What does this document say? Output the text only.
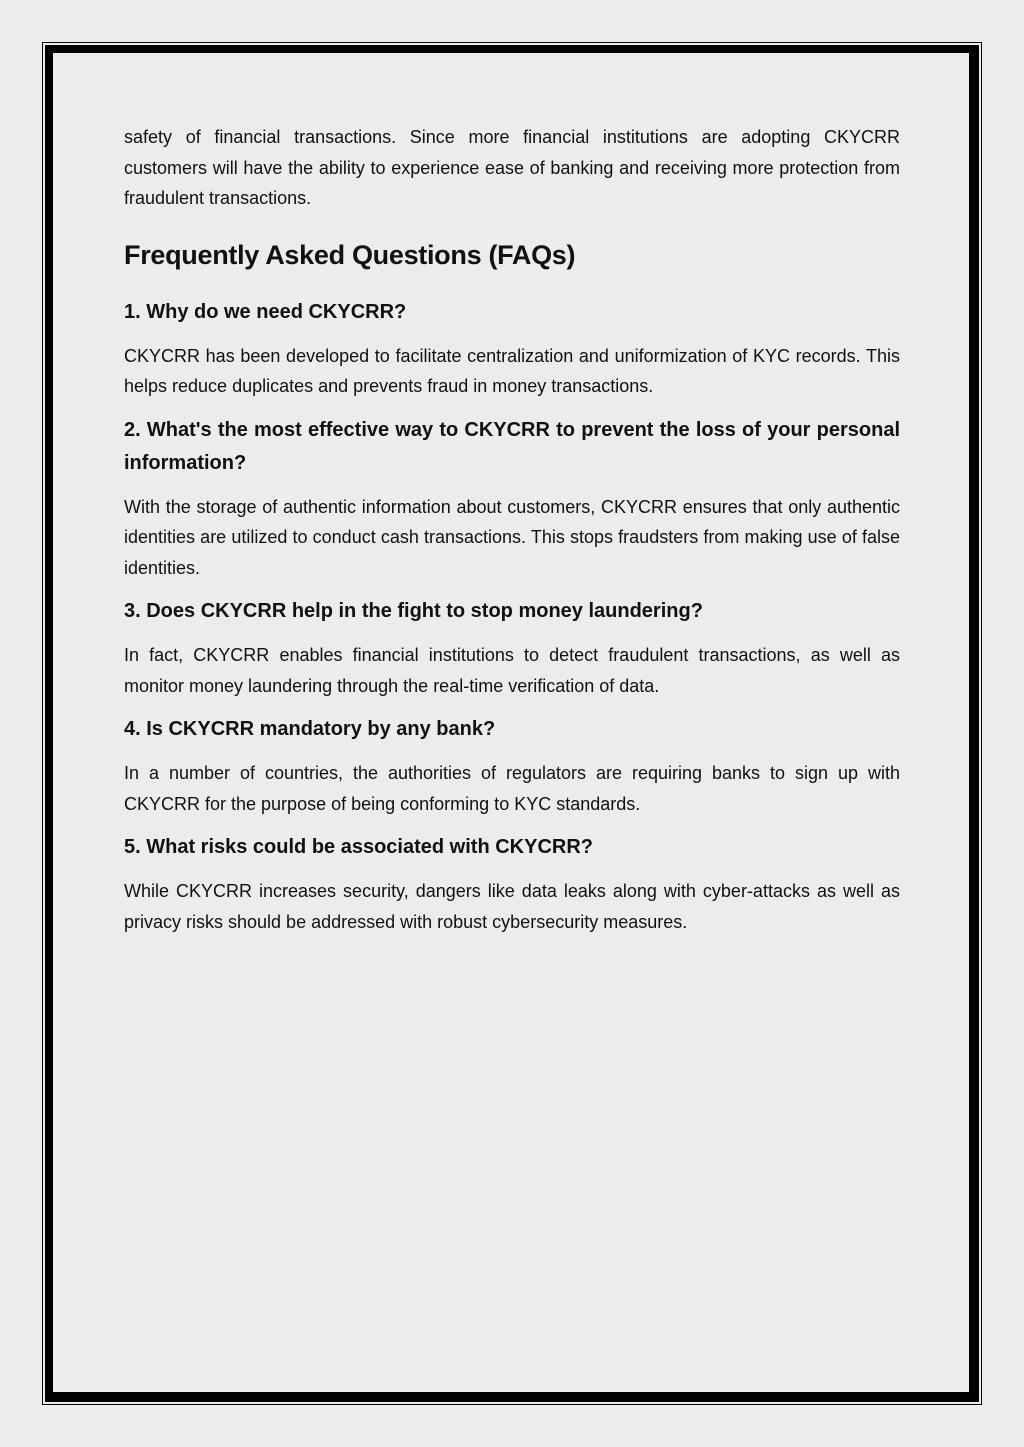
safety of financial transactions. Since more financial institutions are adopting CKYCRR customers will have the ability to experience ease of banking and receiving more protection from fraudulent transactions.

Frequently Asked Questions (FAQs)
1. Why do we need CKYCRR?

CKYCRR has been developed to facilitate centralization and uniformization of KYC records. This helps reduce duplicates and prevents fraud in money transactions.

2. What's the most effective way to CKYCRR to prevent the loss of your personal information?

With the storage of authentic information about customers, CKYCRR ensures that only authentic identities are utilized to conduct cash transactions. This stops fraudsters from making use of false identities.

3. Does CKYCRR help in the fight to stop money laundering?

In fact, CKYCRR enables financial institutions to detect fraudulent transactions, as well as monitor money laundering through the real-time verification of data.

4. Is CKYCRR mandatory by any bank?

In a number of countries, the authorities of regulators are requiring banks to sign up with CKYCRR for the purpose of being conforming to KYC standards.

5. What risks could be associated with CKYCRR?

While CKYCRR increases security, dangers like data leaks along with cyber-attacks as well as privacy risks should be addressed with robust cybersecurity measures.
